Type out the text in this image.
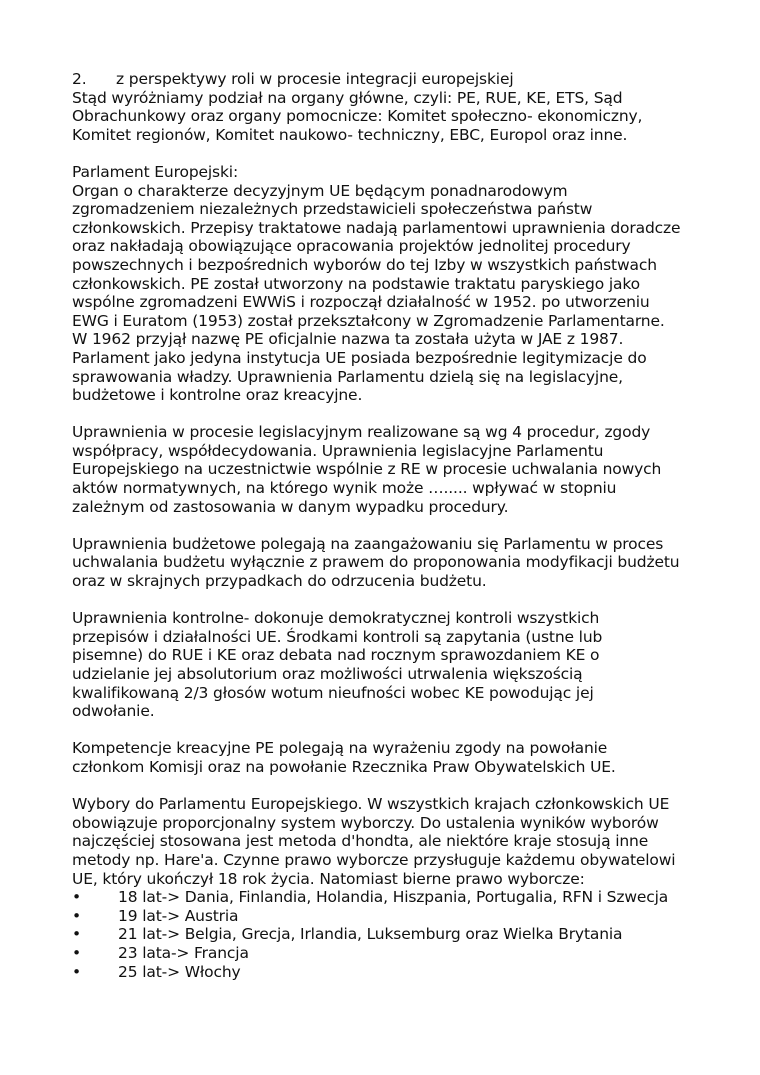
2. z perspektywy roli w procesie integracji europejskiej
Stąd wyróżniamy podział na organy główne, czyli: PE, RUE, KE, ETS, Sąd
Obrachunkowy oraz organy pomocnicze: Komitet społeczno- ekonomiczny,
Komitet regionów, Komitet naukowo- techniczny, EBC, Europol oraz inne.
Parlament Europejski:
Organ o charakterze decyzyjnym UE będącym ponadnarodowym
zgromadzeniem niezależnych przedstawicieli społeczeństwa państw
członkowskich. Przepisy traktatowe nadają parlamentowi uprawnienia doradcze
oraz nakładają obowiązujące opracowania projektów jednolitej procedury
powszechnych i bezpośrednich wyborów do tej Izby w wszystkich państwach
członkowskich. PE został utworzony na podstawie traktatu paryskiego jako
wspólne zgromadzeni EWWiS i rozpoczął działalność w 1952. po utworzeniu
EWG i Euratom (1953) został przekształcony w Zgromadzenie Parlamentarne.
W 1962 przyjął nazwę PE oficjalnie nazwa ta została użyta w JAE z 1987.
Parlament jako jedyna instytucja UE posiada bezpośrednie legitymizacje do
sprawowania władzy. Uprawnienia Parlamentu dzielą się na legislacyjne,
budżetowe i kontrolne oraz kreacyjne.
Uprawnienia w procesie legislacyjnym realizowane są wg 4 procedur, zgody
współpracy, współdecydowania. Uprawnienia legislacyjne Parlamentu
Europejskiego na uczestnictwie wspólnie z RE w procesie uchwalania nowych
aktów normatywnych, na którego wynik może …..... wpływać w stopniu
zależnym od zastosowania w danym wypadku procedury.
Uprawnienia budżetowe polegają na zaangażowaniu się Parlamentu w proces
uchwalania budżetu wyłącznie z prawem do proponowania modyfikacji budżetu
oraz w skrajnych przypadkach do odrzucenia budżetu.
Uprawnienia kontrolne- dokonuje demokratycznej kontroli wszystkich
przepisów i działalności UE. Środkami kontroli są zapytania (ustne lub
pisemne) do RUE i KE oraz debata nad rocznym sprawozdaniem KE o
udzielanie jej absolutorium oraz możliwości utrwalenia większością
kwalifikowaną 2/3 głosów wotum nieufności wobec KE powodując jej
odwołanie.
Kompetencje kreacyjne PE polegają na wyrażeniu zgody na powołanie
członkom Komisji oraz na powołanie Rzecznika Praw Obywatelskich UE.
Wybory do Parlamentu Europejskiego. W wszystkich krajach członkowskich UE
obowiązuje proporcjonalny system wyborczy. Do ustalenia wyników wyborów
najczęściej stosowana jest metoda d'hondta, ale niektóre kraje stosują inne
metody np. Hare'a. Czynne prawo wyborcze przysługuje każdemu obywatelowi
UE, który ukończył 18 rok życia. Natomiast bierne prawo wyborcze:
•	18 lat-> Dania, Finlandia, Holandia, Hiszpania, Portugalia, RFN i Szwecja
•	19 lat-> Austria
•	21 lat-> Belgia, Grecja, Irlandia, Luksemburg oraz Wielka Brytania
•	23 lata-> Francja
•	25 lat-> Włochy
